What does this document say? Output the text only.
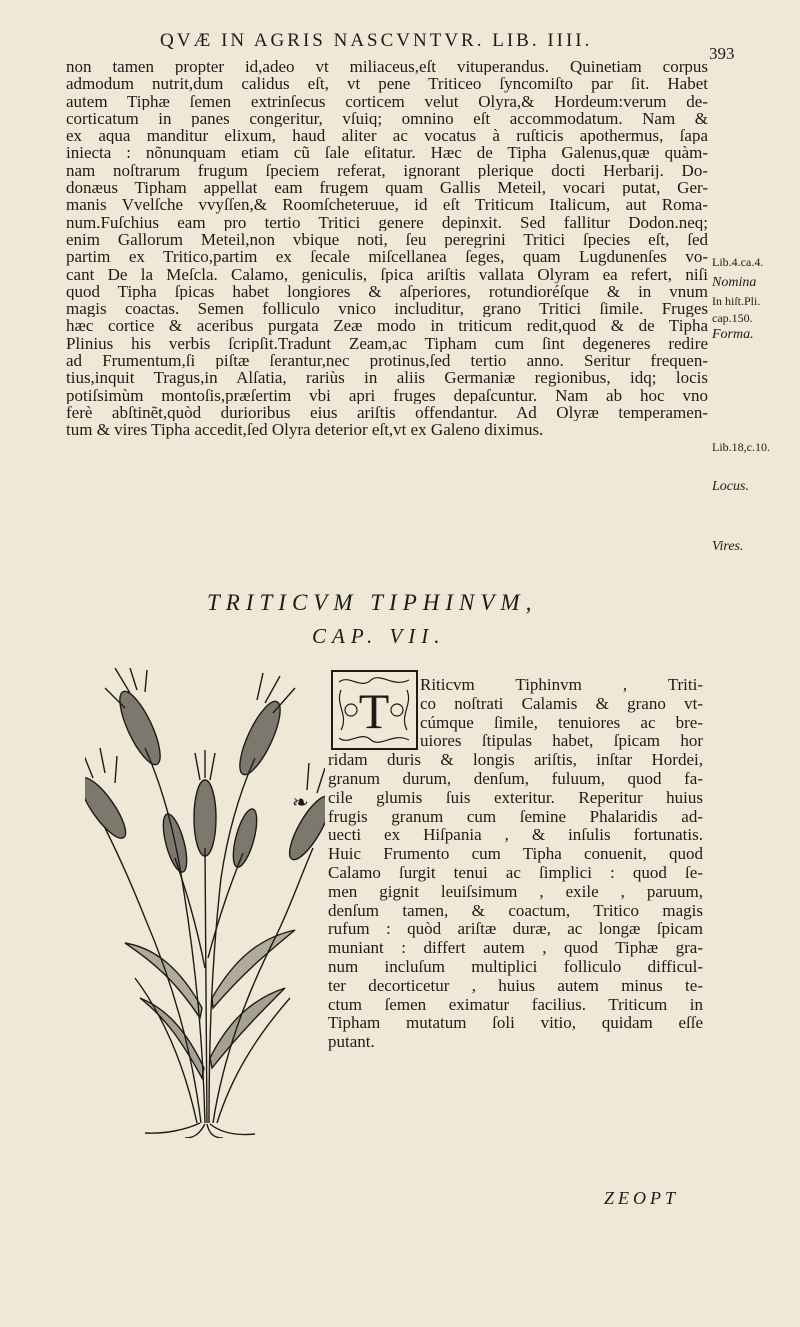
QVÆ IN AGRIS NASCVNTVR. LIB. IIII.
393
non tamen propter id,adeo vt miliaceus,eſt vituperandus. Quinetiam corpus
admodum nutrit,dum calidus eſt, vt pene Triticeo ſyncomiſto par ſit. Habet
autem Tiphæ ſemen extrinſecus corticem velut Olyra,& Hordeum:verum de-
corticatum in panes congeritur, vſuiq; omnino eſt accommodatum. Nam &
ex aqua manditur elixum, haud aliter ac vocatus à ruſticis apothermus, ſapa
iniecta : nõnunquam etiam cũ ſale eſitatur. Hæc de Tipha Galenus,quæ quàm-
nam noſtrarum frugum ſpeciem referat, ignorant plerique docti Herbarij. Do-
donæus Tipham appellat eam frugem quam Gallis Meteil, vocari putat, Ger-
manis Vvelſche vvyſſen,& Roomſcheteruue, id eſt Triticum Italicum, aut Roma-
num.Fuſchius eam pro tertio Tritici genere depinxit. Sed fallitur Dodon.neq;
enim Gallorum Meteil,non vbique noti, ſeu peregrini Tritici ſpecies eſt, ſed
partim ex Tritico,partim ex ſecale miſcellanea ſeges, quam Lugdunenſes vo-
cant De la Meſcla. Calamo, geniculis, ſpica ariſtis vallata Olyram ea refert, niſi
quod Tipha ſpicas habet longiores & aſperiores, rotundioréſque & in vnum
magis coactas. Semen folliculo vnico includitur, grano Tritici ſimile. Fruges
hæc cortice & aceribus purgata Zeæ modo in triticum redit,quod & de Tipha
Plinius his verbis ſcripſit.Tradunt Zeam,ac Tipham cum ſint degeneres redire
ad Frumentum,ſi piſtæ ſerantur,nec protinus,ſed tertio anno. Seritur frequen-
tius,inquit Tragus,in Alſatia, rariùs in aliis Germaniæ regionibus, idq; locis
potiſsimùm montoſis,præſertim vbi apri fruges depaſcuntur. Nam ab hoc vno
ferè abſtinẽt,quòd durioribus eius ariſtis offendantur. Ad Olyræ temperamen-
tum & vires Tipha accedit,ſed Olyra deterior eſt,vt ex Galeno diximus.
Lib.4.ca.4.
Nomina
In hiſt.Pli.
cap.150.
Forma.
Lib.18,c.10.
Locus.
Vires.
TRITICVM TIPHINVM,
CAP. VII.
T	Riticvm Tiphinvm , Triti-
co noſtrati Calamis & grano vt-
cúmque ſimile, tenuiores ac bre-
uiores ſtipulas habet, ſpicam hor
ridam duris & longis ariſtis, inſtar Hordei,
granum durum, denſum, fuluum, quod fa-
cile glumis ſuis exteritur. Reperitur huius
frugis granum cum ſemine Phalaridis ad-
uecti ex Hiſpania , & inſulis fortunatis.
Huic Frumento cum Tipha conuenit, quod
Calamo ſurgit tenui ac ſimplici : quod ſe-
men gignit leuiſsimum , exile , paruum,
denſum tamen, & coactum, Tritico magis
rufum : quòd ariſtæ duræ, ac longæ ſpicam
muniant : differt autem , quod Tiphæ gra-
num incluſum multiplici folliculo difficul-
ter decorticetur , huius autem minus te-
ctum ſemen eximatur facilius. Triticum in
Tipham mutatum ſoli vitio, quidam eſſe
putant.
❧
ZEOPT
